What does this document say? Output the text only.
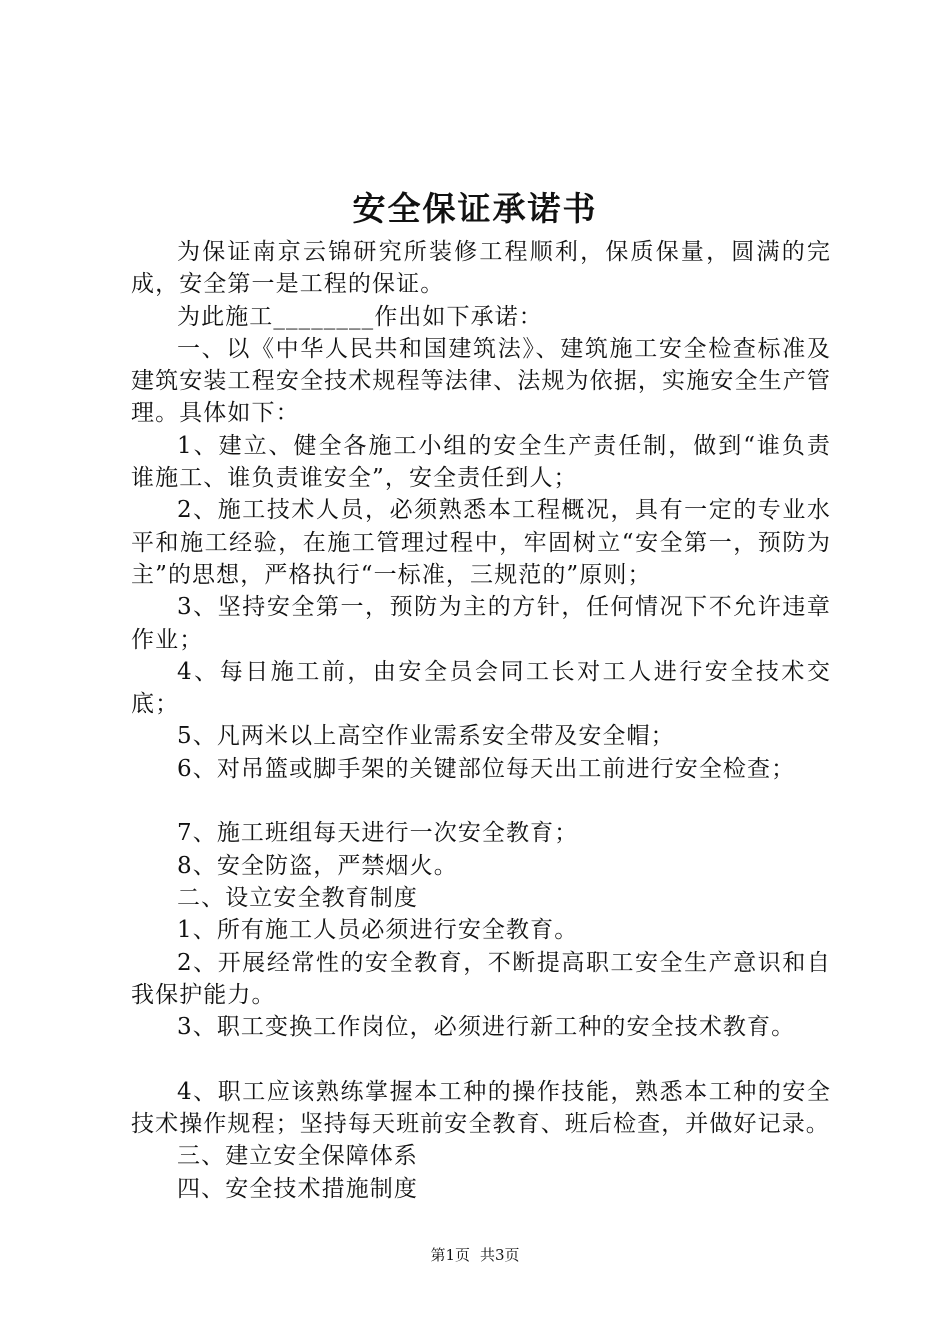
安全保证承诺书

为保证南京云锦研究所装修工程顺利，保质保量，圆满的完成，安全第一是工程的保证。

为此施工________作出如下承诺：

一、以《中华人民共和国建筑法》、建筑施工安全检查标准及建筑安装工程安全技术规程等法律、法规为依据，实施安全生产管理。具体如下：

1、建立、健全各施工小组的安全生产责任制，做到“谁负责谁施工、谁负责谁安全”，安全责任到人；

2、施工技术人员，必须熟悉本工程概况，具有一定的专业水平和施工经验，在施工管理过程中，牢固树立“安全第一，预防为主”的思想，严格执行“一标准，三规范的”原则；

3、坚持安全第一，预防为主的方针，任何情况下不允许违章作业；

4、每日施工前，由安全员会同工长对工人进行安全技术交底；

5、凡两米以上高空作业需系安全带及安全帽；

6、对吊篮或脚手架的关键部位每天出工前进行安全检查；

7、施工班组每天进行一次安全教育；

8、安全防盗，严禁烟火。

二、设立安全教育制度

1、所有施工人员必须进行安全教育。

2、开展经常性的安全教育，不断提高职工安全生产意识和自我保护能力。

3、职工变换工作岗位，必须进行新工种的安全技术教育。

4、职工应该熟练掌握本工种的操作技能，熟悉本工种的安全技术操作规程；坚持每天班前安全教育、班后检查，并做好记录。

三、建立安全保障体系

四、安全技术措施制度

第1页 共3页
